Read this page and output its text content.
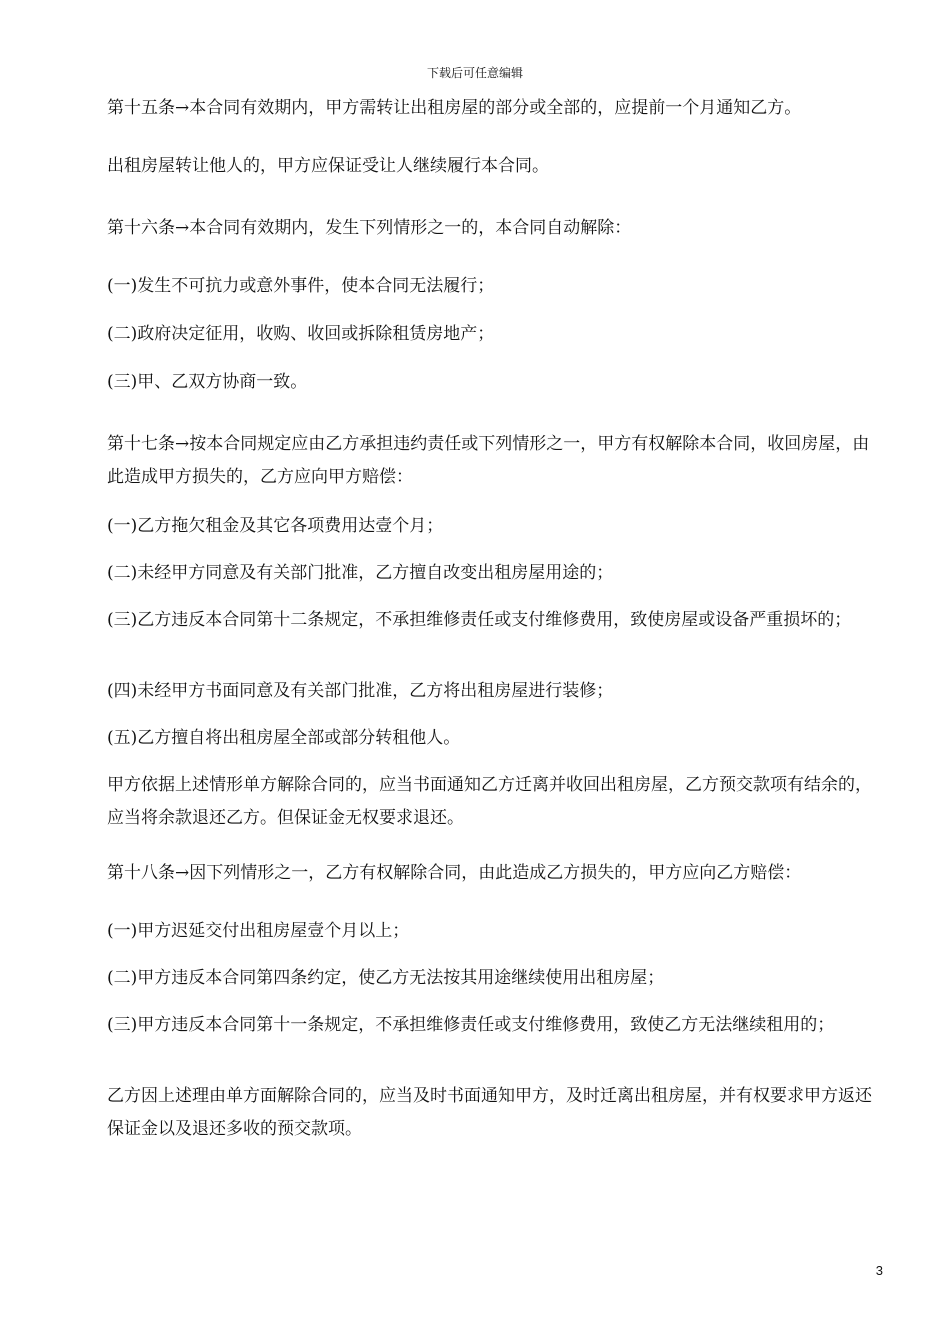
下载后可任意编辑
第十五条→本合同有效期内，甲方需转让出租房屋的部分或全部的，应提前一个月通知乙方。
出租房屋转让他人的，甲方应保证受让人继续履行本合同。
第十六条→本合同有效期内，发生下列情形之一的，本合同自动解除：
(一)发生不可抗力或意外事件，使本合同无法履行；
(二)政府决定征用，收购、收回或拆除租赁房地产；
(三)甲、乙双方协商一致。
第十七条→按本合同规定应由乙方承担违约责任或下列情形之一，甲方有权解除本合同，收回房屋，由此造成甲方损失的，乙方应向甲方赔偿：
(一)乙方拖欠租金及其它各项费用达壹个月；
(二)未经甲方同意及有关部门批准，乙方擅自改变出租房屋用途的；
(三)乙方违反本合同第十二条规定，不承担维修责任或支付维修费用，致使房屋或设备严重损坏的；
(四)未经甲方书面同意及有关部门批准，乙方将出租房屋进行装修；
(五)乙方擅自将出租房屋全部或部分转租他人。
甲方依据上述情形单方解除合同的，应当书面通知乙方迁离并收回出租房屋，乙方预交款项有结余的，应当将余款退还乙方。但保证金无权要求退还。
第十八条→因下列情形之一，乙方有权解除合同，由此造成乙方损失的，甲方应向乙方赔偿：
(一)甲方迟延交付出租房屋壹个月以上；
(二)甲方违反本合同第四条约定，使乙方无法按其用途继续使用出租房屋；
(三)甲方违反本合同第十一条规定，不承担维修责任或支付维修费用，致使乙方无法继续租用的；
乙方因上述理由单方面解除合同的，应当及时书面通知甲方，及时迁离出租房屋，并有权要求甲方返还保证金以及退还多收的预交款项。
3
